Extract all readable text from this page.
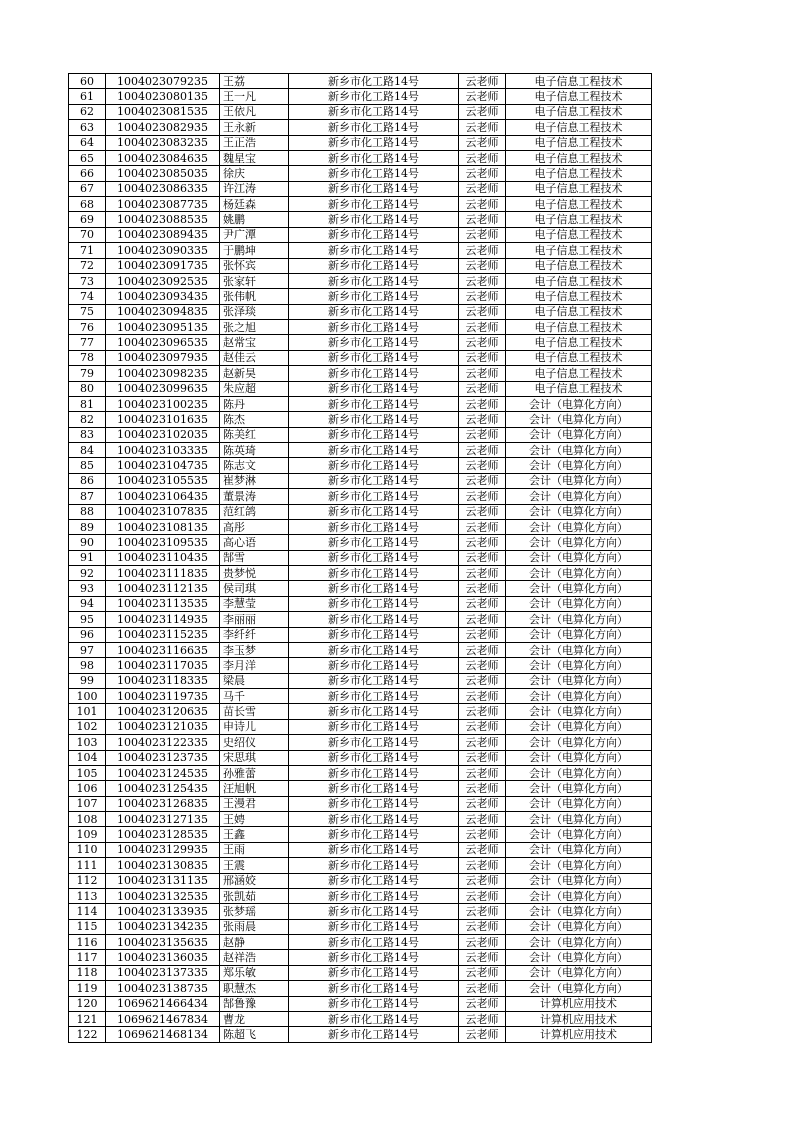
60	1004023079235	王荔	新乡市化工路14号	云老师	电子信息工程技术
61	1004023080135	王一凡	新乡市化工路14号	云老师	电子信息工程技术
62	1004023081535	王依凡	新乡市化工路14号	云老师	电子信息工程技术
63	1004023082935	王永新	新乡市化工路14号	云老师	电子信息工程技术
64	1004023083235	王正浩	新乡市化工路14号	云老师	电子信息工程技术
65	1004023084635	魏星宝	新乡市化工路14号	云老师	电子信息工程技术
66	1004023085035	徐庆	新乡市化工路14号	云老师	电子信息工程技术
67	1004023086335	许江涛	新乡市化工路14号	云老师	电子信息工程技术
68	1004023087735	杨廷森	新乡市化工路14号	云老师	电子信息工程技术
69	1004023088535	姚鹏	新乡市化工路14号	云老师	电子信息工程技术
70	1004023089435	尹广潭	新乡市化工路14号	云老师	电子信息工程技术
71	1004023090335	于鹏坤	新乡市化工路14号	云老师	电子信息工程技术
72	1004023091735	张怀宾	新乡市化工路14号	云老师	电子信息工程技术
73	1004023092535	张家轩	新乡市化工路14号	云老师	电子信息工程技术
74	1004023093435	张伟帆	新乡市化工路14号	云老师	电子信息工程技术
75	1004023094835	张泽琰	新乡市化工路14号	云老师	电子信息工程技术
76	1004023095135	张之旭	新乡市化工路14号	云老师	电子信息工程技术
77	1004023096535	赵常宝	新乡市化工路14号	云老师	电子信息工程技术
78	1004023097935	赵佳云	新乡市化工路14号	云老师	电子信息工程技术
79	1004023098235	赵新昊	新乡市化工路14号	云老师	电子信息工程技术
80	1004023099635	朱应超	新乡市化工路14号	云老师	电子信息工程技术
81	1004023100235	陈丹	新乡市化工路14号	云老师	会计（电算化方向）
82	1004023101635	陈杰	新乡市化工路14号	云老师	会计（电算化方向）
83	1004023102035	陈美红	新乡市化工路14号	云老师	会计（电算化方向）
84	1004023103335	陈英琦	新乡市化工路14号	云老师	会计（电算化方向）
85	1004023104735	陈志文	新乡市化工路14号	云老师	会计（电算化方向）
86	1004023105535	崔梦淋	新乡市化工路14号	云老师	会计（电算化方向）
87	1004023106435	董景涛	新乡市化工路14号	云老师	会计（电算化方向）
88	1004023107835	范红鸽	新乡市化工路14号	云老师	会计（电算化方向）
89	1004023108135	高彤	新乡市化工路14号	云老师	会计（电算化方向）
90	1004023109535	高心语	新乡市化工路14号	云老师	会计（电算化方向）
91	1004023110435	郜雪	新乡市化工路14号	云老师	会计（电算化方向）
92	1004023111835	贵梦悦	新乡市化工路14号	云老师	会计（电算化方向）
93	1004023112135	侯司琪	新乡市化工路14号	云老师	会计（电算化方向）
94	1004023113535	李慧莹	新乡市化工路14号	云老师	会计（电算化方向）
95	1004023114935	李丽丽	新乡市化工路14号	云老师	会计（电算化方向）
96	1004023115235	李纤纤	新乡市化工路14号	云老师	会计（电算化方向）
97	1004023116635	李玉梦	新乡市化工路14号	云老师	会计（电算化方向）
98	1004023117035	李月洋	新乡市化工路14号	云老师	会计（电算化方向）
99	1004023118335	梁晨	新乡市化工路14号	云老师	会计（电算化方向）
100	1004023119735	马千	新乡市化工路14号	云老师	会计（电算化方向）
101	1004023120635	苗长雪	新乡市化工路14号	云老师	会计（电算化方向）
102	1004023121035	申诗儿	新乡市化工路14号	云老师	会计（电算化方向）
103	1004023122335	史绍仪	新乡市化工路14号	云老师	会计（电算化方向）
104	1004023123735	宋思琪	新乡市化工路14号	云老师	会计（电算化方向）
105	1004023124535	孙雅蕾	新乡市化工路14号	云老师	会计（电算化方向）
106	1004023125435	汪旭帆	新乡市化工路14号	云老师	会计（电算化方向）
107	1004023126835	王漫君	新乡市化工路14号	云老师	会计（电算化方向）
108	1004023127135	王娉	新乡市化工路14号	云老师	会计（电算化方向）
109	1004023128535	王鑫	新乡市化工路14号	云老师	会计（电算化方向）
110	1004023129935	王雨	新乡市化工路14号	云老师	会计（电算化方向）
111	1004023130835	王震	新乡市化工路14号	云老师	会计（电算化方向）
112	1004023131135	邢涵姣	新乡市化工路14号	云老师	会计（电算化方向）
113	1004023132535	张凯茹	新乡市化工路14号	云老师	会计（电算化方向）
114	1004023133935	张梦瑶	新乡市化工路14号	云老师	会计（电算化方向）
115	1004023134235	张雨晨	新乡市化工路14号	云老师	会计（电算化方向）
116	1004023135635	赵静	新乡市化工路14号	云老师	会计（电算化方向）
117	1004023136035	赵祥浩	新乡市化工路14号	云老师	会计（电算化方向）
118	1004023137335	郑乐敏	新乡市化工路14号	云老师	会计（电算化方向）
119	1004023138735	职慧杰	新乡市化工路14号	云老师	会计（电算化方向）
120	1069621466434	郜鲁豫	新乡市化工路14号	云老师	计算机应用技术
121	1069621467834	曹龙	新乡市化工路14号	云老师	计算机应用技术
122	1069621468134	陈超飞	新乡市化工路14号	云老师	计算机应用技术
